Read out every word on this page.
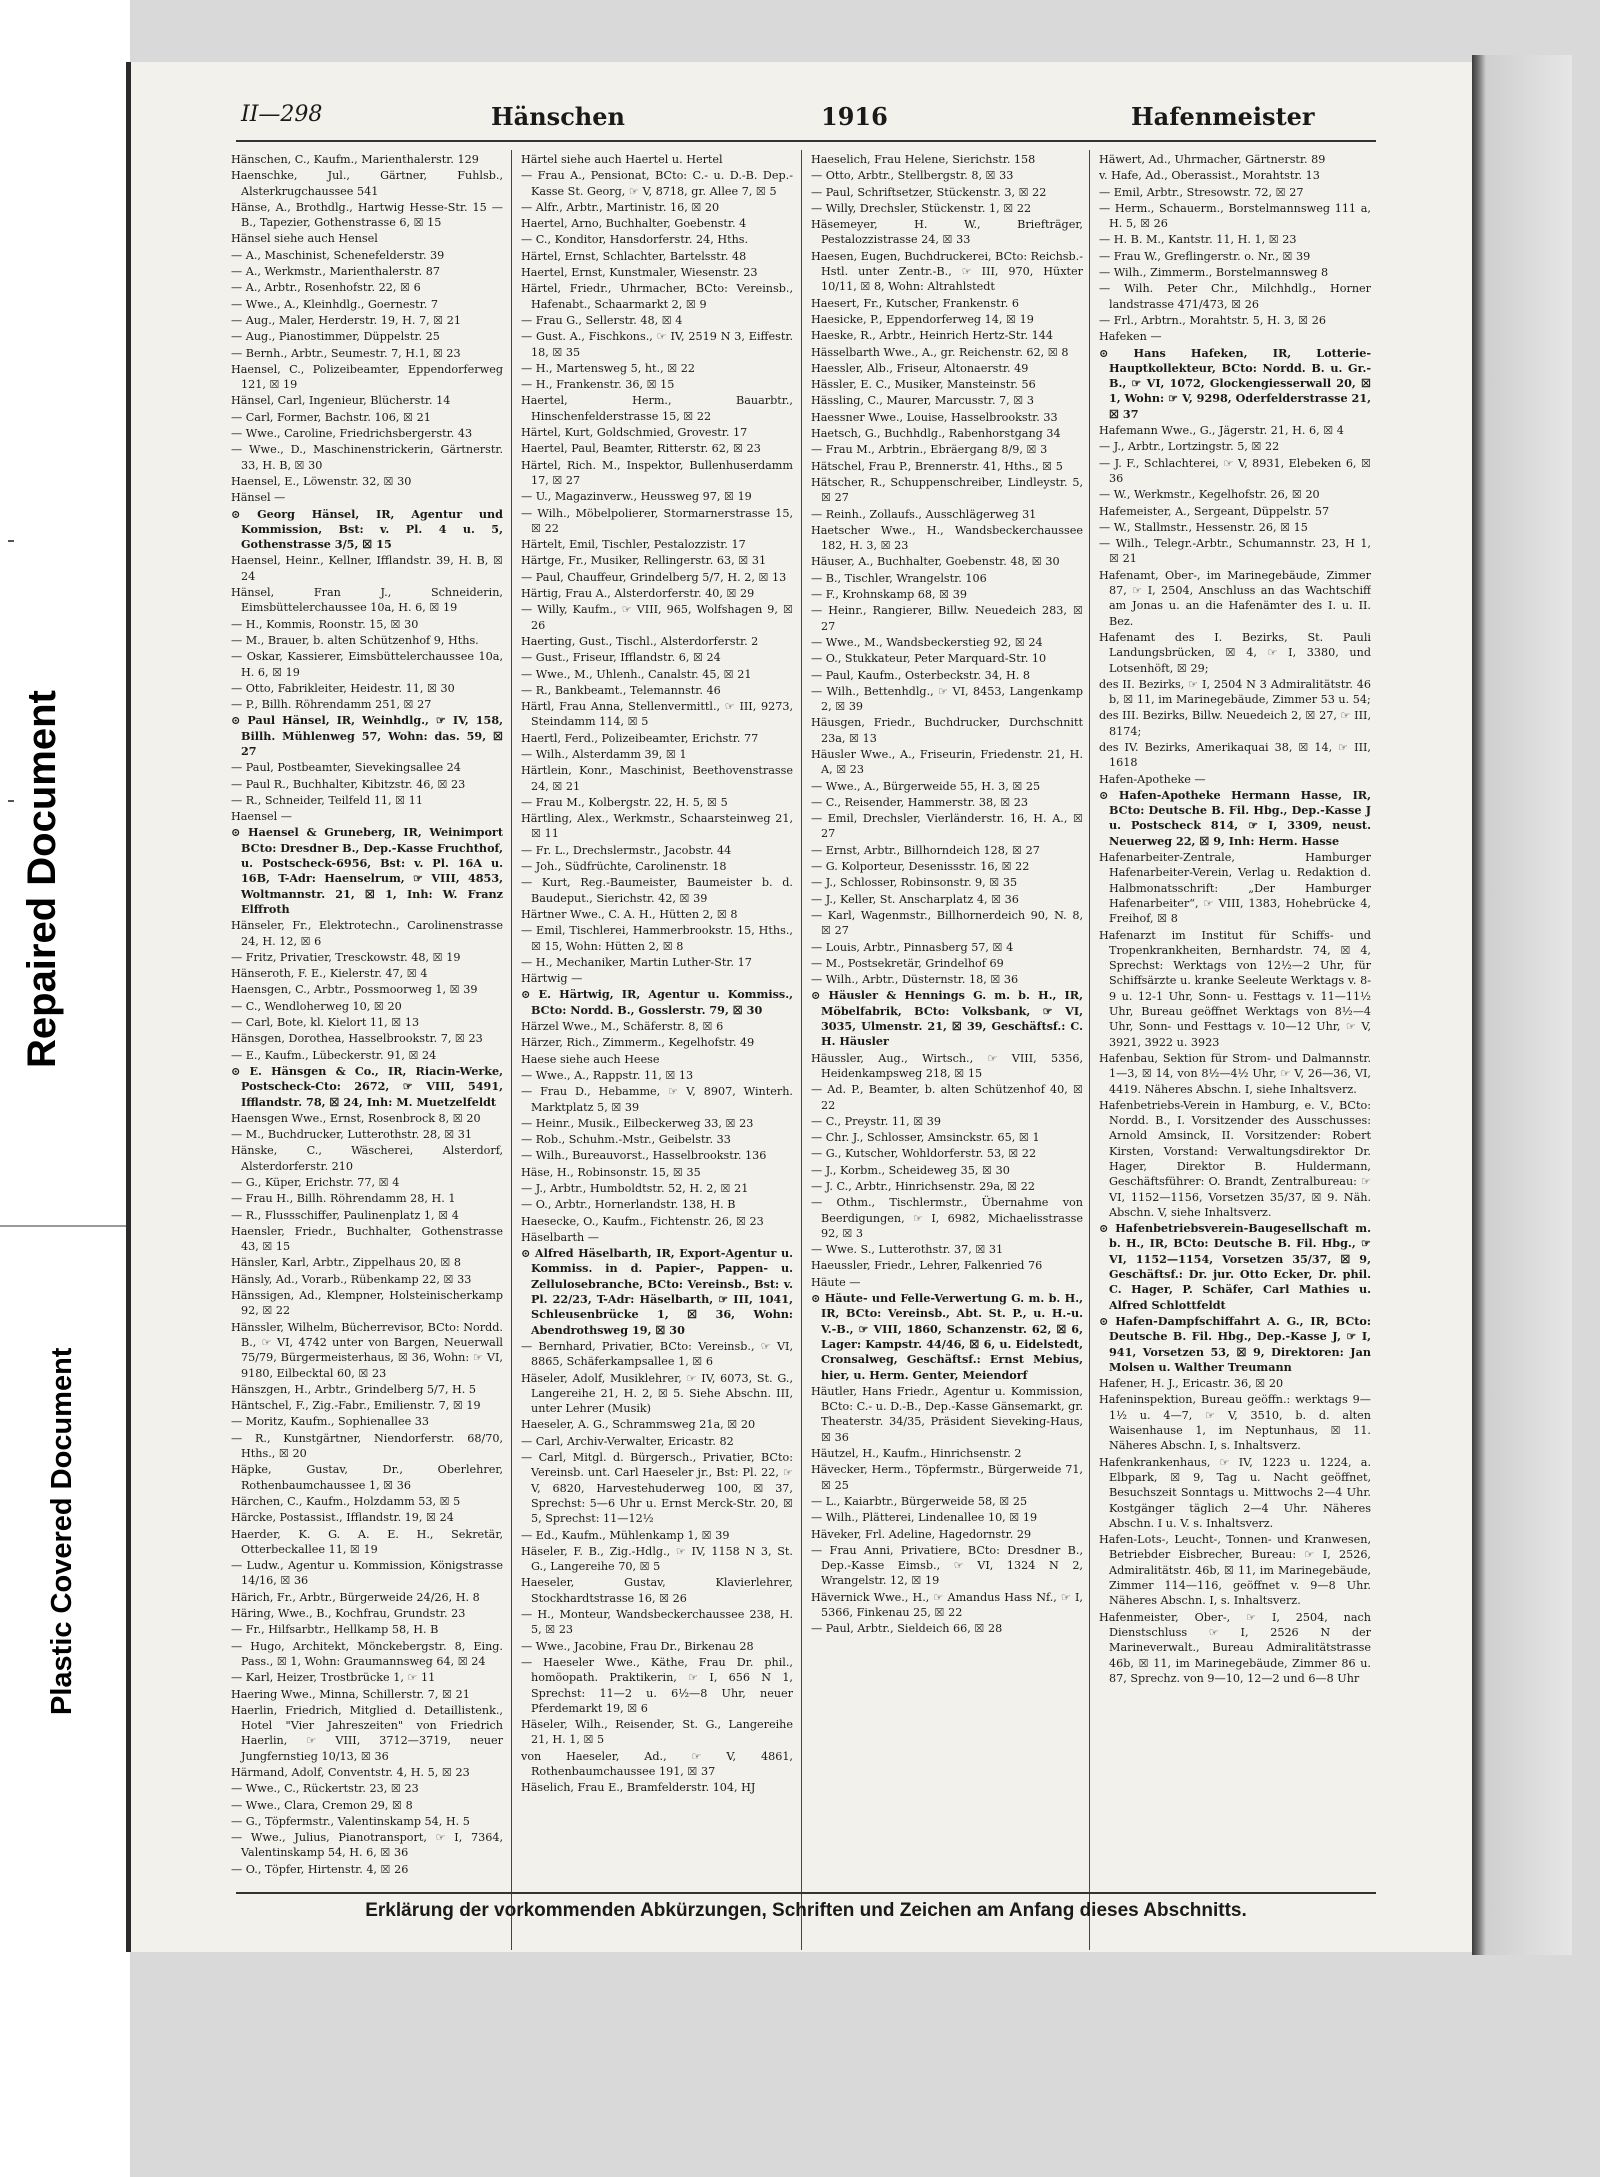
Repaired Document
Plastic Covered Document
II—298	Hänschen	1916	Hafenmeister

Hänschen, C., Kaufm., Marienthalerstr. 129

Haenschke, Jul., Gärtner, Fuhlsb., Alsterkrugchaussee 541

Hänse, A., Brothdlg., Hartwig Hesse-Str. 15 — B., Tapezier, Gothenstrasse 6, ☒ 15

Hänsel siehe auch Hensel

— A., Maschinist, Schenefelderstr. 39

— A., Werkmstr., Marienthalerstr. 87

— A., Arbtr., Rosenhofstr. 22, ☒ 6

— Wwe., A., Kleinhdlg., Goernestr. 7

— Aug., Maler, Herderstr. 19, H. 7, ☒ 21

— Aug., Pianostimmer, Düppelstr. 25

— Bernh., Arbtr., Seumestr. 7, H.1, ☒ 23

Haensel, C., Polizeibeamter, Eppendorferweg 121, ☒ 19

Hänsel, Carl, Ingenieur, Blücherstr. 14

— Carl, Former, Bachstr. 106, ☒ 21

— Wwe., Caroline, Friedrichsbergerstr. 43

— Wwe., D., Maschinenstrickerin, Gärtnerstr. 33, H. B, ☒ 30

Haensel, E., Löwenstr. 32, ☒ 30

Hänsel —

⊙ Georg Hänsel, IR, Agentur und Kommission, Bst: v. Pl. 4 u. 5, Gothenstrasse 3/5, ☒ 15

Haensel, Heinr., Kellner, Ifflandstr. 39, H. B, ☒ 24

Hänsel, Fran J., Schneiderin, Eimsbüttelerchaussee 10a, H. 6, ☒ 19

— H., Kommis, Roonstr. 15, ☒ 30

— M., Brauer, b. alten Schützenhof 9, Hths.

— Oskar, Kassierer, Eimsbüttelerchaussee 10a, H. 6, ☒ 19

— Otto, Fabrikleiter, Heidestr. 11, ☒ 30

— P., Billh. Röhrendamm 251, ☒ 27

⊙ Paul Hänsel, IR, Weinhdlg., ☞ IV, 158, Billh. Mühlenweg 57, Wohn: das. 59, ☒ 27

— Paul, Postbeamter, Sievekingsallee 24

— Paul R., Buchhalter, Kibitzstr. 46, ☒ 23

— R., Schneider, Teilfeld 11, ☒ 11

Haensel —

⊙ Haensel & Gruneberg, IR, Weinimport BCto: Dresdner B., Dep.-Kasse Fruchthof, u. Postscheck-6956, Bst: v. Pl. 16A u. 16B, T-Adr: Haenselrum, ☞ VIII, 4853, Woltmannstr. 21, ☒ 1, Inh: W. Franz Elffroth

Hänseler, Fr., Elektrotechn., Carolinenstrasse 24, H. 12, ☒ 6

— Fritz, Privatier, Tresckowstr. 48, ☒ 19

Hänseroth, F. E., Kielerstr. 47, ☒ 4

Haensgen, C., Arbtr., Possmoorweg 1, ☒ 39

— C., Wendloherweg 10, ☒ 20

— Carl, Bote, kl. Kielort 11, ☒ 13

Hänsgen, Dorothea, Hasselbrookstr. 7, ☒ 23

— E., Kaufm., Lübeckerstr. 91, ☒ 24

⊙ E. Hänsgen & Co., IR, Riacin-Werke, Postscheck-Cto: 2672, ☞ VIII, 5491, Ifflandstr. 78, ☒ 24, Inh: M. Muetzelfeldt

Haensgen Wwe., Ernst, Rosenbrock 8, ☒ 20

— M., Buchdrucker, Lutterothstr. 28, ☒ 31

Hänske, C., Wäscherei, Alsterdorf, Alsterdorferstr. 210

— G., Küper, Erichstr. 77, ☒ 4

— Frau H., Billh. Röhrendamm 28, H. 1

— R., Flussschiffer, Paulinenplatz 1, ☒ 4

Haensler, Friedr., Buchhalter, Gothenstrasse 43, ☒ 15

Hänsler, Karl, Arbtr., Zippelhaus 20, ☒ 8

Hänsly, Ad., Vorarb., Rübenkamp 22, ☒ 33

Hänssigen, Ad., Klempner, Holsteinischerkamp 92, ☒ 22

Hänssler, Wilhelm, Bücherrevisor, BCto: Nordd. B., ☞ VI, 4742 unter von Bargen, Neuerwall 75/79, Bürgermeisterhaus, ☒ 36, Wohn: ☞ VI, 9180, Eilbecktal 60, ☒ 23

Hänszgen, H., Arbtr., Grindelberg 5/7, H. 5

Häntschel, F., Zig.-Fabr., Emilienstr. 7, ☒ 19

— Moritz, Kaufm., Sophienallee 33

— R., Kunstgärtner, Niendorferstr. 68/70, Hths., ☒ 20

Häpke, Gustav, Dr., Oberlehrer, Rothenbaumchaussee 1, ☒ 36

Härchen, C., Kaufm., Holzdamm 53, ☒ 5

Härcke, Postassist., Ifflandstr. 19, ☒ 24

Haerder, K. G. A. E. H., Sekretär, Otterbeckallee 11, ☒ 19

— Ludw., Agentur u. Kommission, Königstrasse 14/16, ☒ 36

Härich, Fr., Arbtr., Bürgerweide 24/26, H. 8

Häring, Wwe., B., Kochfrau, Grundstr. 23

— Fr., Hilfsarbtr., Hellkamp 58, H. B

— Hugo, Architekt, Mönckebergstr. 8, Eing. Pass., ☒ 1, Wohn: Graumannsweg 64, ☒ 24

— Karl, Heizer, Trostbrücke 1, ☞ 11

Haering Wwe., Minna, Schillerstr. 7, ☒ 21

Haerlin, Friedrich, Mitglied d. Detaillistenk., Hotel "Vier Jahreszeiten" von Friedrich Haerlin, ☞ VIII, 3712—3719, neuer Jungfernstieg 10/13, ☒ 36

Härmand, Adolf, Conventstr. 4, H. 5, ☒ 23

— Wwe., C., Rückertstr. 23, ☒ 23

— Wwe., Clara, Cremon 29, ☒ 8

— G., Töpfermstr., Valentinskamp 54, H. 5

— Wwe., Julius, Pianotransport, ☞ I, 7364, Valentinskamp 54, H. 6, ☒ 36

— O., Töpfer, Hirtenstr. 4, ☒ 26

Härtel siehe auch Haertel u. Hertel

— Frau A., Pensionat, BCto: C.- u. D.-B. Dep.-Kasse St. Georg, ☞ V, 8718, gr. Allee 7, ☒ 5

— Alfr., Arbtr., Martinistr. 16, ☒ 20

Haertel, Arno, Buchhalter, Goebenstr. 4

— C., Konditor, Hansdorferstr. 24, Hths.

Härtel, Ernst, Schlachter, Bartelsstr. 48

Haertel, Ernst, Kunstmaler, Wiesenstr. 23

Härtel, Friedr., Uhrmacher, BCto: Vereinsb., Hafenabt., Schaarmarkt 2, ☒ 9

— Frau G., Sellerstr. 48, ☒ 4

— Gust. A., Fischkons., ☞ IV, 2519 N 3, Eiffestr. 18, ☒ 35

— H., Martensweg 5, ht., ☒ 22

— H., Frankenstr. 36, ☒ 15

Haertel, Herm., Bauarbtr., Hinschenfelderstrasse 15, ☒ 22

Härtel, Kurt, Goldschmied, Grovestr. 17

Haertel, Paul, Beamter, Ritterstr. 62, ☒ 23

Härtel, Rich. M., Inspektor, Bullenhuserdamm 17, ☒ 27

— U., Magazinverw., Heussweg 97, ☒ 19

— Wilh., Möbelpolierer, Stormarnerstrasse 15, ☒ 22

Härtelt, Emil, Tischler, Pestalozzistr. 17

Härtge, Fr., Musiker, Rellingerstr. 63, ☒ 31

— Paul, Chauffeur, Grindelberg 5/7, H. 2, ☒ 13

Härtig, Frau A., Alsterdorferstr. 40, ☒ 29

— Willy, Kaufm., ☞ VIII, 965, Wolfshagen 9, ☒ 26

Haerting, Gust., Tischl., Alsterdorferstr. 2

— Gust., Friseur, Ifflandstr. 6, ☒ 24

— Wwe., M., Uhlenh., Canalstr. 45, ☒ 21

— R., Bankbeamt., Telemannstr. 46

Härtl, Frau Anna, Stellenvermittl., ☞ III, 9273, Steindamm 114, ☒ 5

Haertl, Ferd., Polizeibeamter, Erichstr. 77

— Wilh., Alsterdamm 39, ☒ 1

Härtlein, Konr., Maschinist, Beethovenstrasse 24, ☒ 21

— Frau M., Kolbergstr. 22, H. 5, ☒ 5

Härtling, Alex., Werkmstr., Schaarsteinweg 21, ☒ 11

— Fr. L., Drechslermstr., Jacobstr. 44

— Joh., Südfrüchte, Carolinenstr. 18

— Kurt, Reg.-Baumeister, Baumeister b. d. Baudeput., Sierichstr. 42, ☒ 39

Härtner Wwe., C. A. H., Hütten 2, ☒ 8

— Emil, Tischlerei, Hammerbrookstr. 15, Hths., ☒ 15, Wohn: Hütten 2, ☒ 8

— H., Mechaniker, Martin Luther-Str. 17

Härtwig —

⊙ E. Härtwig, IR, Agentur u. Kommiss., BCto: Nordd. B., Gosslerstr. 79, ☒ 30

Härzel Wwe., M., Schäferstr. 8, ☒ 6

Härzer, Rich., Zimmerm., Kegelhofstr. 49

Haese siehe auch Heese

— Wwe., A., Rappstr. 11, ☒ 13

— Frau D., Hebamme, ☞ V, 8907, Winterh. Marktplatz 5, ☒ 39

— Heinr., Musik., Eilbeckerweg 33, ☒ 23

— Rob., Schuhm.-Mstr., Geibelstr. 33

— Wilh., Bureauvorst., Hasselbrookstr. 136

Häse, H., Robinsonstr. 15, ☒ 35

— J., Arbtr., Humboldtstr. 52, H. 2, ☒ 21

— O., Arbtr., Hornerlandstr. 138, H. B

Haesecke, O., Kaufm., Fichtenstr. 26, ☒ 23

Häselbarth —

⊙ Alfred Häselbarth, IR, Export-Agentur u. Kommiss. in d. Papier-, Pappen- u. Zellulosebranche, BCto: Vereinsb., Bst: v. Pl. 22/23, T-Adr: Häselbarth, ☞ III, 1041, Schleusenbrücke 1, ☒ 36, Wohn: Abendrothsweg 19, ☒ 30

— Bernhard, Privatier, BCto: Vereinsb., ☞ VI, 8865, Schäferkampsallee 1, ☒ 6

Häseler, Adolf, Musiklehrer, ☞ IV, 6073, St. G., Langereihe 21, H. 2, ☒ 5. Siehe Abschn. III, unter Lehrer (Musik)

Haeseler, A. G., Schrammsweg 21a, ☒ 20

— Carl, Archiv-Verwalter, Ericastr. 82

— Carl, Mitgl. d. Bürgersch., Privatier, BCto: Vereinsb. unt. Carl Haeseler jr., Bst: Pl. 22, ☞ V, 6820, Harvestehuderweg 100, ☒ 37, Sprechst: 5—6 Uhr u. Ernst Merck-Str. 20, ☒ 5, Sprechst: 11—12½

— Ed., Kaufm., Mühlenkamp 1, ☒ 39

Häseler, F. B., Zig.-Hdlg., ☞ IV, 1158 N 3, St. G., Langereihe 70, ☒ 5

Haeseler, Gustav, Klavierlehrer, Stockhardtstrasse 16, ☒ 26

— H., Monteur, Wandsbeckerchaussee 238, H. 5, ☒ 23

— Wwe., Jacobine, Frau Dr., Birkenau 28

— Haeseler Wwe., Käthe, Frau Dr. phil., homöopath. Praktikerin, ☞ I, 656 N 1, Sprechst: 11—2 u. 6½—8 Uhr, neuer Pferdemarkt 19, ☒ 6

Häseler, Wilh., Reisender, St. G., Langereihe 21, H. 1, ☒ 5

von Haeseler, Ad., ☞ V, 4861, Rothenbaumchaussee 191, ☒ 37

Häselich, Frau E., Bramfelderstr. 104, HJ

Haeselich, Frau Helene, Sierichstr. 158

— Otto, Arbtr., Stellbergstr. 8, ☒ 33

— Paul, Schriftsetzer, Stückenstr. 3, ☒ 22

— Willy, Drechsler, Stückenstr. 1, ☒ 22

Häsemeyer, H. W., Briefträger, Pestalozzistrasse 24, ☒ 33

Haesen, Eugen, Buchdruckerei, BCto: Reichsb.-Hstl. unter Zentr.-B., ☞ III, 970, Hüxter 10/11, ☒ 8, Wohn: Altrahlstedt

Haesert, Fr., Kutscher, Frankenstr. 6

Haesicke, P., Eppendorferweg 14, ☒ 19

Haeske, R., Arbtr., Heinrich Hertz-Str. 144

Hässelbarth Wwe., A., gr. Reichenstr. 62, ☒ 8

Haessler, Alb., Friseur, Altonaerstr. 49

Hässler, E. C., Musiker, Mansteinstr. 56

Hässling, C., Maurer, Marcusstr. 7, ☒ 3

Haessner Wwe., Louise, Hasselbrookstr. 33

Haetsch, G., Buchhdlg., Rabenhorstgang 34

— Frau M., Arbtrin., Ebräergang 8/9, ☒ 3

Hätschel, Frau P., Brennerstr. 41, Hths., ☒ 5

Hätscher, R., Schuppenschreiber, Lindleystr. 5, ☒ 27

— Reinh., Zollaufs., Ausschlägerweg 31

Haetscher Wwe., H., Wandsbeckerchaussee 182, H. 3, ☒ 23

Häuser, A., Buchhalter, Goebenstr. 48, ☒ 30

— B., Tischler, Wrangelstr. 106

— F., Krohnskamp 68, ☒ 39

— Heinr., Rangierer, Billw. Neuedeich 283, ☒ 27

— Wwe., M., Wandsbeckerstieg 92, ☒ 24

— O., Stukkateur, Peter Marquard-Str. 10

— Paul, Kaufm., Osterbeckstr. 34, H. 8

— Wilh., Bettenhdlg., ☞ VI, 8453, Langenkamp 2, ☒ 39

Häusgen, Friedr., Buchdrucker, Durchschnitt 23a, ☒ 13

Häusler Wwe., A., Friseurin, Friedenstr. 21, H. A, ☒ 23

— Wwe., A., Bürgerweide 55, H. 3, ☒ 25

— C., Reisender, Hammerstr. 38, ☒ 23

— Emil, Drechsler, Vierländerstr. 16, H. A., ☒ 27

— Ernst, Arbtr., Billhorndeich 128, ☒ 27

— G. Kolporteur, Desenissstr. 16, ☒ 22

— J., Schlosser, Robinsonstr. 9, ☒ 35

— J., Keller, St. Anscharplatz 4, ☒ 36

— Karl, Wagenmstr., Billhornerdeich 90, N. 8, ☒ 27

— Louis, Arbtr., Pinnasberg 57, ☒ 4

— M., Postsekretär, Grindelhof 69

— Wilh., Arbtr., Düsternstr. 18, ☒ 36

⊙ Häusler & Hennings G. m. b. H., IR, Möbelfabrik, BCto: Volksbank, ☞ VI, 3035, Ulmenstr. 21, ☒ 39, Geschäftsf.: C. H. Häusler

Häussler, Aug., Wirtsch., ☞ VIII, 5356, Heidenkampsweg 218, ☒ 15

— Ad. P., Beamter, b. alten Schützenhof 40, ☒ 22

— C., Preystr. 11, ☒ 39

— Chr. J., Schlosser, Amsinckstr. 65, ☒ 1

— G., Kutscher, Wohldorferstr. 53, ☒ 22

— J., Korbm., Scheideweg 35, ☒ 30

— J. C., Arbtr., Hinrichsenstr. 29a, ☒ 22

— Othm., Tischlermstr., Übernahme von Beerdigungen, ☞ I, 6982, Michaelisstrasse 92, ☒ 3

— Wwe. S., Lutterothstr. 37, ☒ 31

Haeussler, Friedr., Lehrer, Falkenried 76

Häute —

⊙ Häute- und Felle-Verwertung G. m. b. H., IR, BCto: Vereinsb., Abt. St. P., u. H.-u. V.-B., ☞ VIII, 1860, Schanzenstr. 62, ☒ 6, Lager: Kampstr. 44/46, ☒ 6, u. Eidelstedt, Cronsalweg, Geschäftsf.: Ernst Mebius, hier, u. Herm. Genter, Meiendorf

Häutler, Hans Friedr., Agentur u. Kommission, BCto: C.- u. D.-B., Dep.-Kasse Gänsemarkt, gr. Theaterstr. 34/35, Präsident Sieveking-Haus, ☒ 36

Häutzel, H., Kaufm., Hinrichsenstr. 2

Hävecker, Herm., Töpfermstr., Bürgerweide 71, ☒ 25

— L., Kaiarbtr., Bürgerweide 58, ☒ 25

— Wilh., Plätterei, Lindenallee 10, ☒ 19

Häveker, Frl. Adeline, Hagedornstr. 29

— Frau Anni, Privatiere, BCto: Dresdner B., Dep.-Kasse Eimsb., ☞ VI, 1324 N 2, Wrangelstr. 12, ☒ 19

Hävernick Wwe., H., ☞ Amandus Hass Nf., ☞ I, 5366, Finkenau 25, ☒ 22

— Paul, Arbtr., Sieldeich 66, ☒ 28

Häwert, Ad., Uhrmacher, Gärtnerstr. 89

v. Hafe, Ad., Oberassist., Morahtstr. 13

— Emil, Arbtr., Stresowstr. 72, ☒ 27

— Herm., Schauerm., Borstelmannsweg 111 a, H. 5, ☒ 26

— H. B. M., Kantstr. 11, H. 1, ☒ 23

— Frau W., Greflingerstr. o. Nr., ☒ 39

— Wilh., Zimmerm., Borstelmannsweg 8

— Wilh. Peter Chr., Milchhdlg., Horner landstrasse 471/473, ☒ 26

— Frl., Arbtrn., Morahtstr. 5, H. 3, ☒ 26

Hafeken —

⊙ Hans Hafeken, IR, Lotterie-Hauptkollekteur, BCto: Nordd. B. u. Gr.-B., ☞ VI, 1072, Glockengiesserwall 20, ☒ 1, Wohn: ☞ V, 9298, Oderfelderstrasse 21, ☒ 37

Hafemann Wwe., G., Jägerstr. 21, H. 6, ☒ 4

— J., Arbtr., Lortzingstr. 5, ☒ 22

— J. F., Schlachterei, ☞ V, 8931, Elebeken 6, ☒ 36

— W., Werkmstr., Kegelhofstr. 26, ☒ 20

Hafemeister, A., Sergeant, Düppelstr. 57

— W., Stallmstr., Hessenstr. 26, ☒ 15

— Wilh., Telegr.-Arbtr., Schumannstr. 23, H 1, ☒ 21

Hafenamt, Ober-, im Marinegebäude, Zimmer 87, ☞ I, 2504, Anschluss an das Wachtschiff am Jonas u. an die Hafenämter des I. u. II. Bez.

Hafenamt des I. Bezirks, St. Pauli Landungsbrücken, ☒ 4, ☞ I, 3380, und Lotsenhöft, ☒ 29;

des II. Bezirks, ☞ I, 2504 N 3 Admiralitätstr. 46 b, ☒ 11, im Marinegebäude, Zimmer 53 u. 54;

des III. Bezirks, Billw. Neuedeich 2, ☒ 27, ☞ III, 8174;

des IV. Bezirks, Amerikaquai 38, ☒ 14, ☞ III, 1618

Hafen-Apotheke —

⊙ Hafen-Apotheke Hermann Hasse, IR, BCto: Deutsche B. Fil. Hbg., Dep.-Kasse J u. Postscheck 814, ☞ I, 3309, neust. Neuerweg 22, ☒ 9, Inh: Herm. Hasse

Hafenarbeiter-Zentrale, Hamburger Hafenarbeiter-Verein, Verlag u. Redaktion d. Halbmonatsschrift: „Der Hamburger Hafenarbeiter“, ☞ VIII, 1383, Hohebrücke 4, Freihof, ☒ 8

Hafenarzt im Institut für Schiffs- und Tropenkrankheiten, Bernhardstr. 74, ☒ 4, Sprechst: Werktags von 12½—2 Uhr, für Schiffsärzte u. kranke Seeleute Werktags v. 8-9 u. 12-1 Uhr, Sonn- u. Festtags v. 11—11½ Uhr, Bureau geöffnet Werktags von 8½—4 Uhr, Sonn- und Festtags v. 10—12 Uhr, ☞ V, 3921, 3922 u. 3923

Hafenbau, Sektion für Strom- und Dalmannstr. 1—3, ☒ 14, von 8½—4½ Uhr, ☞ V, 26—36, VI, 4419. Näheres Abschn. I, siehe Inhaltsverz.

Hafenbetriebs-Verein in Hamburg, e. V., BCto: Nordd. B., I. Vorsitzender des Ausschusses: Arnold Amsinck, II. Vorsitzender: Robert Kirsten, Vorstand: Verwaltungsdirektor Dr. Hager, Direktor B. Huldermann, Geschäftsführer: O. Brandt, Zentralbureau: ☞ VI, 1152—1156, Vorsetzen 35/37, ☒ 9. Näh. Abschn. V, siehe Inhaltsverz.

⊙ Hafenbetriebsverein-Baugesellschaft m. b. H., IR, BCto: Deutsche B. Fil. Hbg., ☞ VI, 1152—1154, Vorsetzen 35/37, ☒ 9, Geschäftsf.: Dr. jur. Otto Ecker, Dr. phil. C. Hager, P. Schäfer, Carl Mathies u. Alfred Schlottfeldt

⊙ Hafen-Dampfschiffahrt A. G., IR, BCto: Deutsche B. Fil. Hbg., Dep.-Kasse J, ☞ I, 941, Vorsetzen 53, ☒ 9, Direktoren: Jan Molsen u. Walther Treumann

Hafener, H. J., Ericastr. 36, ☒ 20

Hafeninspektion, Bureau geöffn.: werktags 9—1½ u. 4—7, ☞ V, 3510, b. d. alten Waisenhause 1, im Neptunhaus, ☒ 11. Näheres Abschn. I, s. Inhaltsverz.

Hafenkrankenhaus, ☞ IV, 1223 u. 1224, a. Elbpark, ☒ 9, Tag u. Nacht geöffnet, Besuchszeit Sonntags u. Mittwochs 2—4 Uhr. Kostgänger täglich 2—4 Uhr. Näheres Abschn. I u. V. s. Inhaltsverz.

Hafen-Lots-, Leucht-, Tonnen- und Kranwesen, Betriebder Eisbrecher, Bureau: ☞ I, 2526, Admiralitätstr. 46b, ☒ 11, im Marinegebäude, Zimmer 114—116, geöffnet v. 9—8 Uhr. Näheres Abschn. I, s. Inhaltsverz.

Hafenmeister, Ober-, ☞ I, 2504, nach Dienstschluss ☞ I, 2526 N der Marineverwalt., Bureau Admiralitätstrasse 46b, ☒ 11, im Marinegebäude, Zimmer 86 u. 87, Sprechz. von 9—10, 12—2 und 6—8 Uhr

Erklärung der vorkommenden Abkürzungen, Schriften und Zeichen am Anfang dieses Abschnitts.
